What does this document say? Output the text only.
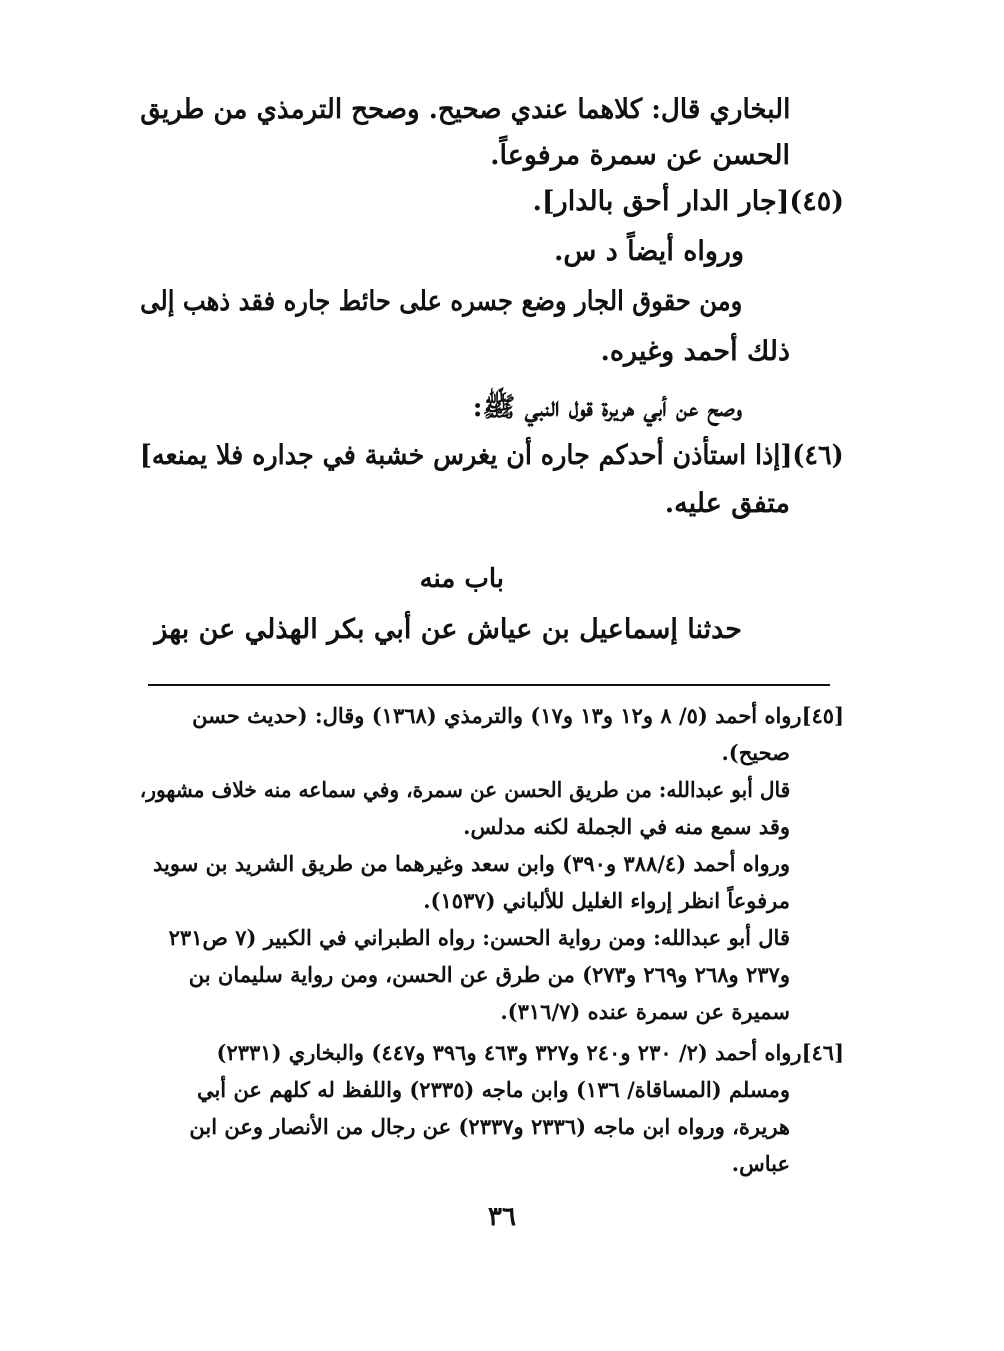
البخاري قال: كلاهما عندي صحيح. وصحح الترمذي من طريق
الحسن عن سمرة مرفوعاً.
(٤٥)[جار الدار أحق بالدار].
ورواه أيضاً د س.
ومن حقوق الجار وضع جسره على حائط جاره فقد ذهب إلى
ذلك أحمد وغيره.
وصح عن أبي هريرة قول النبي ﷺ:
(٤٦)[إذا استأذن أحدكم جاره أن يغرس خشبة في جداره فلا يمنعه]
متفق عليه.
باب منه
حدثنا إسماعيل بن عياش عن أبي بكر الهذلي عن بهز
[٤٥]رواه أحمد (٥/ ٨ و١٢ و١٣ و١٧) والترمذي (١٣٦٨) وقال: (حديث حسن
صحيح).
قال أبو عبدالله: من طريق الحسن عن سمرة، وفي سماعه منه خلاف مشهور،
وقد سمع منه في الجملة لكنه مدلس.
ورواه أحمد (٣٨٨/٤ و٣٩٠) وابن سعد وغيرهما من طريق الشريد بن سويد
مرفوعاً انظر إرواء الغليل للألباني (١٥٣٧).
قال أبو عبدالله: ومن رواية الحسن: رواه الطبراني في الكبير (٧ ص٢٣١
و٢٣٧ و٢٦٨ و٢٦٩ و٢٧٣) من طرق عن الحسن، ومن رواية سليمان بن
سميرة عن سمرة عنده (٣١٦/٧).
[٤٦]رواه أحمد (٢/ ٢٣٠ و٢٤٠ و٣٢٧ و٤٦٣ و٣٩٦ و٤٤٧) والبخاري (٢٣٣١)
ومسلم (المساقاة/ ١٣٦) وابن ماجه (٢٣٣٥) واللفظ له كلهم عن أبي
هريرة، ورواه ابن ماجه (٢٣٣٦ و٢٣٣٧) عن رجال من الأنصار وعن ابن
عباس.
٣٦
